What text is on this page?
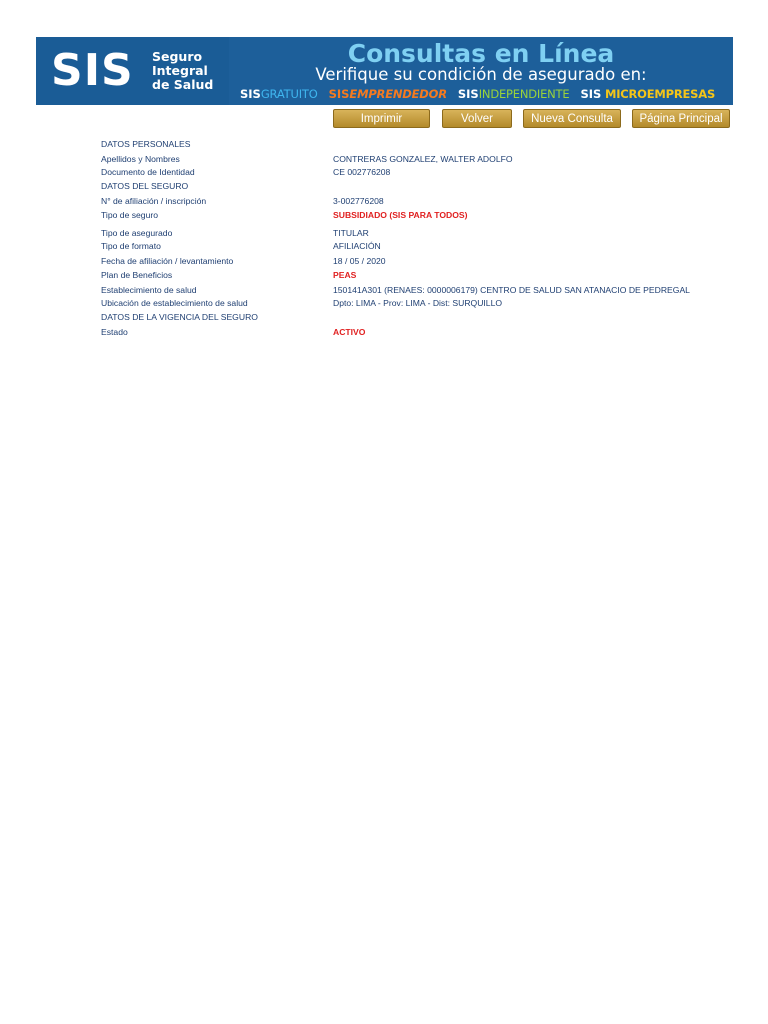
SIS Seguro
Integral
de Salud
Consultas en Línea
Verifique su condición de asegurado en:
SISGRATUITO SISEMPRENDEDOR SISINDEPENDIENTE SIS MICROEMPRESAS
Imprimir	Volver	Nueva Consulta	Página Principal
DATOS PERSONALES
Apellidos y Nombres	CONTRERAS GONZALEZ, WALTER ADOLFO
Documento de Identidad	CE 002776208
DATOS DEL SEGURO
N° de afiliación / inscripción	3-002776208
Tipo de seguro	SUBSIDIADO (SIS PARA TODOS)
Tipo de asegurado	TITULAR
Tipo de formato	AFILIACIÓN
Fecha de afiliación / levantamiento	18 / 05 / 2020
Plan de Beneficios	PEAS
Establecimiento de salud	150141A301 (RENAES: 0000006179) CENTRO DE SALUD SAN ATANACIO DE PEDREGAL
Ubicación de establecimiento de salud	Dpto: LIMA - Prov: LIMA - Dist: SURQUILLO
DATOS DE LA VIGENCIA DEL SEGURO
Estado	ACTIVO
